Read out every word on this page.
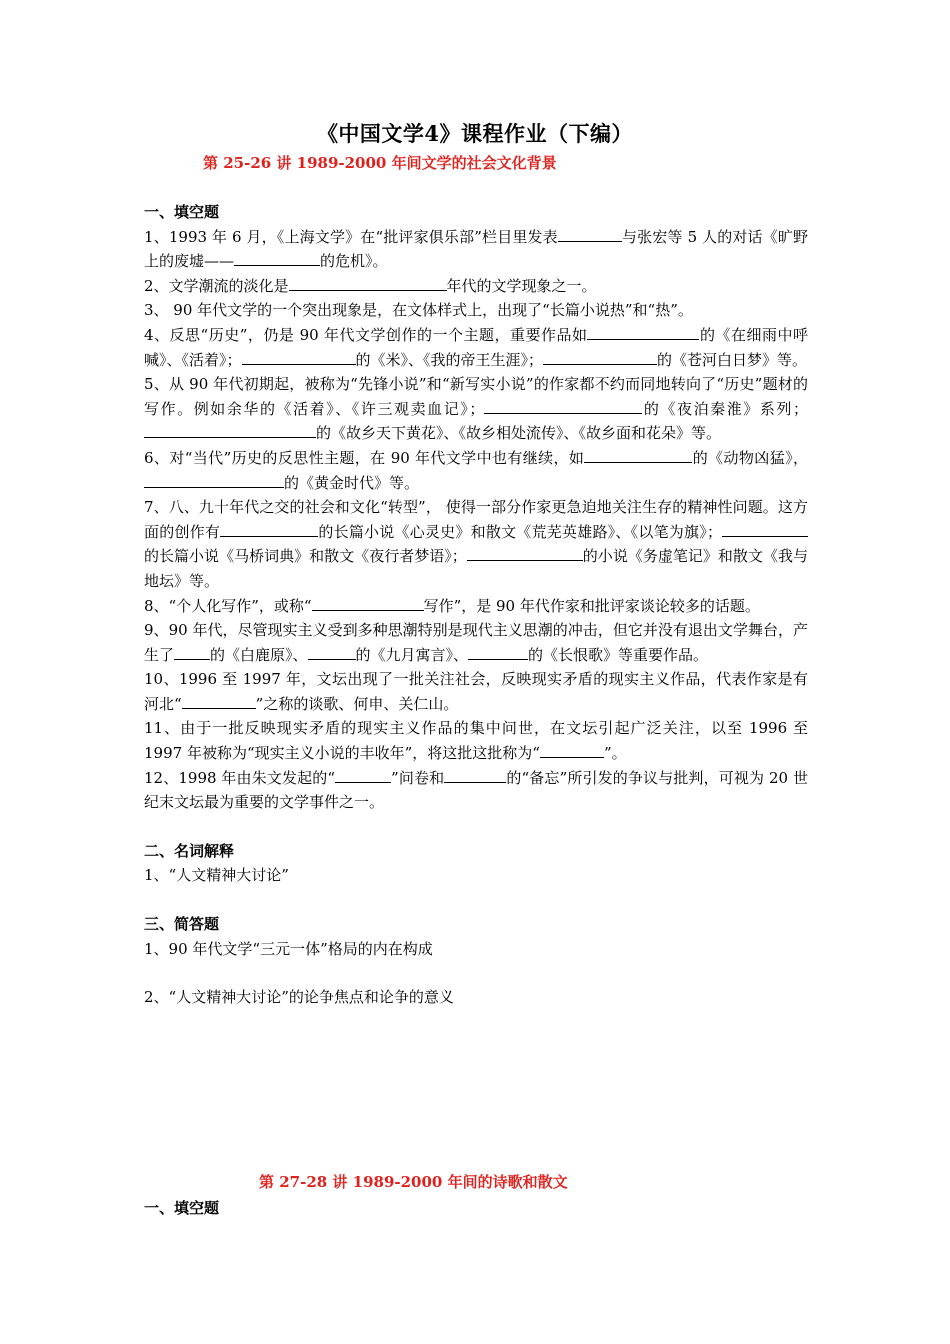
《中国文学4》课程作业（下编）
第 25-26 讲 1989-2000 年间文学的社会文化背景
一、填空题

1、1993 年 6 月，《上海文学》在“批评家俱乐部”栏目里发表	与张宏等 5 人的对话《旷野上的废墟——	的危机》。

2、文学潮流的淡化是	年代的文学现象之一。

3、 90 年代文学的一个突出现象是，在文体样式上，出现了“长篇小说热”和“热”。

4、反思“历史”，仍是 90 年代文学创作的一个主题，重要作品如	的《在细雨中呼喊》、《活着》；	的《米》、《我的帝王生涯》；	的《苍河白日梦》等。

5、从 90 年代初期起，被称为“先锋小说”和“新写实小说”的作家都不约而同地转向了“历史”题材的写作。例如余华的《活着》、《许三观卖血记》；	的《夜泊秦淮》系列；的《故乡天下黄花》、《故乡相处流传》、《故乡面和花朵》等。

6、对“当代”历史的反思性主题，在 90 年代文学中也有继续，如	的《动物凶猛》，的《黄金时代》等。

7、八、九十年代之交的社会和文化“转型”， 使得一部分作家更急迫地关注生存的精神性问题。这方面的创作有	的长篇小说《心灵史》和散文《荒芜英雄路》、《以笔为旗》；的长篇小说《马桥词典》和散文《夜行者梦语》；	的小说《务虚笔记》和散文《我与地坛》等。

8、“个人化写作”，或称“	写作”，是 90 年代作家和批评家谈论较多的话题。

9、90 年代，尽管现实主义受到多种思潮特别是现代主义思潮的冲击，但它并没有退出文学舞台，产生了 的《白鹿原》、	的《九月寓言》、	的《长恨歌》等重要作品。

10、1996 至 1997 年，文坛出现了一批关注社会，反映现实矛盾的现实主义作品，代表作家是有河北“	”之称的谈歌、何申、关仁山。

11、由于一批反映现实矛盾的现实主义作品的集中问世，在文坛引起广泛关注，以至 1996 至 1997 年被称为“现实主义小说的丰收年”，将这批这批称为“	”。

12、1998 年由朱文发起的“	”问卷和	的“备忘”所引发的争议与批判，可视为 20 世纪末文坛最为重要的文学事件之一。

二、名词解释

1、“人文精神大讨论”

三、简答题

1、90 年代文学“三元一体”格局的内在构成

2、“人文精神大讨论”的论争焦点和论争的意义

第 27-28 讲 1989-2000 年间的诗歌和散文
一、填空题
